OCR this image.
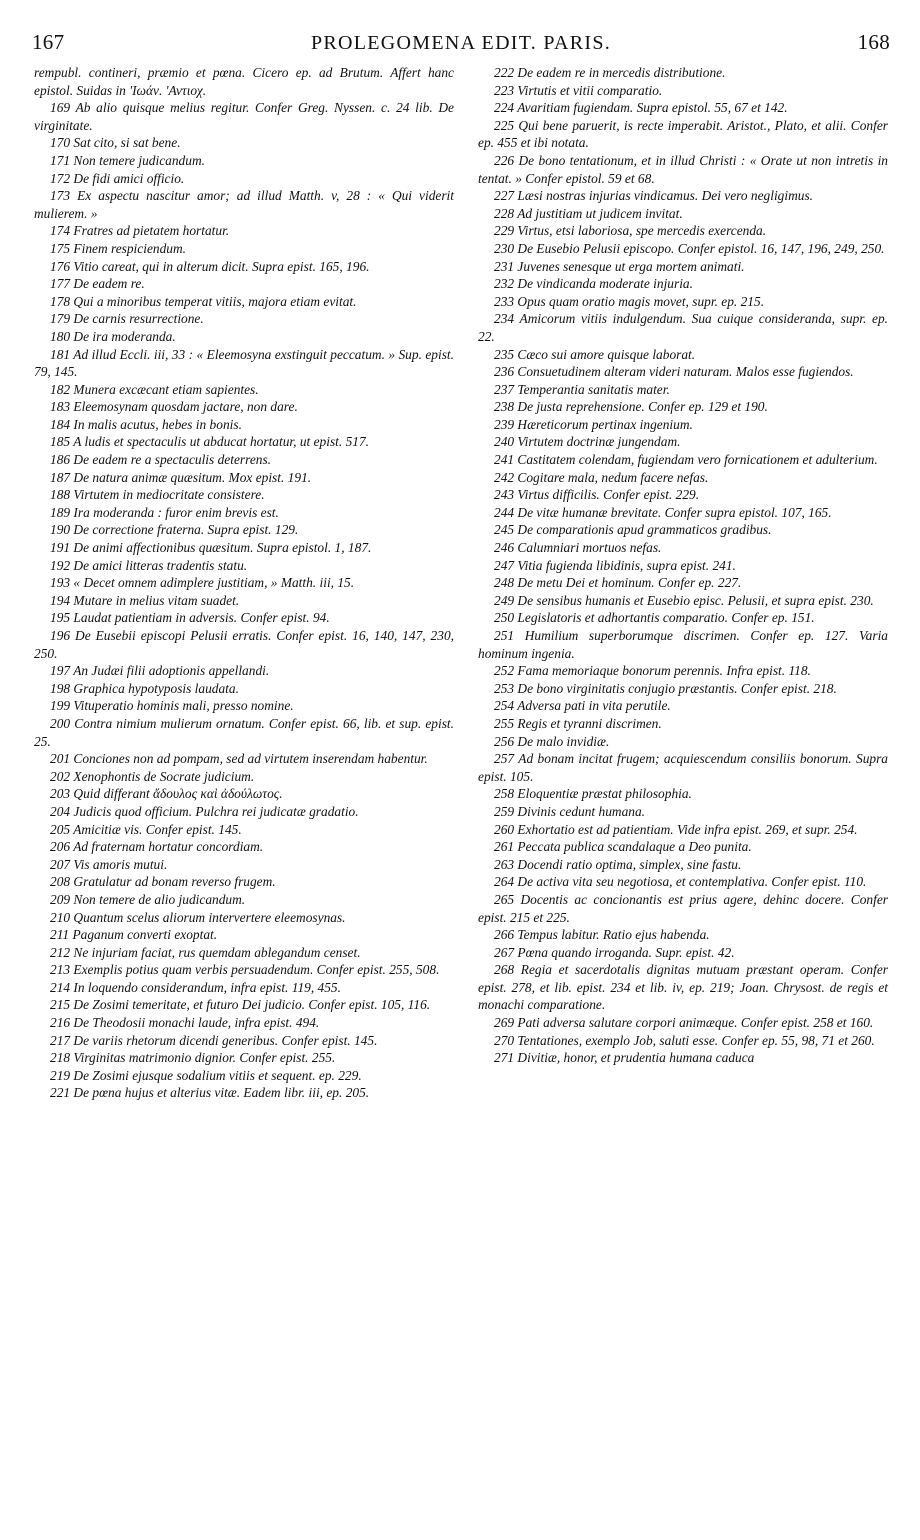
167	PROLEGOMENA EDIT. PARIS.	168

rempubl. contineri, præmio et pœna. Cicero ep. ad Brutum. Affert hanc epistol. Suidas in 'Ιωάν. 'Αντιοχ.

169 Ab alio quisque melius regitur. Confer Greg. Nyssen. c. 24 lib. De virginitate.

170 Sat cito, si sat bene.

171 Non temere judicandum.

172 De fidi amici officio.

173 Ex aspectu nascitur amor; ad illud Matth. v, 28 : « Qui viderit mulierem. »

174 Fratres ad pietatem hortatur.

175 Finem respiciendum.

176 Vitio careat, qui in alterum dicit. Supra epist. 165, 196.

177 De eadem re.

178 Qui a minoribus temperat vitiis, majora etiam evitat.

179 De carnis resurrectione.

180 De ira moderanda.

181 Ad illud Eccli. iii, 33 : « Eleemosyna exstinguit peccatum. » Sup. epist. 79, 145.

182 Munera excæcant etiam sapientes.

183 Eleemosynam quosdam jactare, non dare.

184 In malis acutus, hebes in bonis.

185 A ludis et spectaculis ut abducat hortatur, ut epist. 517.

186 De eadem re a spectaculis deterrens.

187 De natura animæ quæsitum. Mox epist. 191.

188 Virtutem in mediocritate consistere.

189 Ira moderanda : furor enim brevis est.

190 De correctione fraterna. Supra epist. 129.

191 De animi affectionibus quæsitum. Supra epistol. 1, 187.

192 De amici litteras tradentis statu.

193 « Decet omnem adimplere justitiam, » Matth. iii, 15.

194 Mutare in melius vitam suadet.

195 Laudat patientiam in adversis. Confer epist. 94.

196 De Eusebii episcopi Pelusii erratis. Confer epist. 16, 140, 147, 230, 250.

197 An Judæi filii adoptionis appellandi.

198 Graphica hypotyposis laudata.

199 Vituperatio hominis mali, presso nomine.

200 Contra nimium mulierum ornatum. Confer epist. 66, lib. et sup. epist. 25.

201 Conciones non ad pompam, sed ad virtutem inserendam habentur.

202 Xenophontis de Socrate judicium.

203 Quid differant ἄδουλος καὶ ἀδούλωτος.

204 Judicis quod officium. Pulchra rei judicatæ gradatio.

205 Amicitiæ vis. Confer epist. 145.

206 Ad fraternam hortatur concordiam.

207 Vis amoris mutui.

208 Gratulatur ad bonam reverso frugem.

209 Non temere de alio judicandum.

210 Quantum scelus aliorum intervertere eleemosynas.

211 Paganum converti exoptat.

212 Ne injuriam faciat, rus quemdam ablegandum censet.

213 Exemplis potius quam verbis persuadendum. Confer epist. 255, 508.

214 In loquendo considerandum, infra epist. 119, 455.

215 De Zosimi temeritate, et futuro Dei judicio. Confer epist. 105, 116.

216 De Theodosii monachi laude, infra epist. 494.

217 De variis rhetorum dicendi generibus. Confer epist. 145.

218 Virginitas matrimonio dignior. Confer epist. 255.

219 De Zosimi ejusque sodalium vitiis et sequent. ep. 229.

221 De pœna hujus et alterius vitæ. Eadem libr. iii, ep. 205.

222 De eadem re in mercedis distributione.

223 Virtutis et vitii comparatio.

224 Avaritiam fugiendam. Supra epistol. 55, 67 et 142.

225 Qui bene paruerit, is recte imperabit. Aristot., Plato, et alii. Confer ep. 455 et ibi notata.

226 De bono tentationum, et in illud Christi : « Orate ut non intretis in tentat. » Confer epistol. 59 et 68.

227 Læsi nostras injurias vindicamus. Dei vero negligimus.

228 Ad justitiam ut judicem invitat.

229 Virtus, etsi laboriosa, spe mercedis exercenda.

230 De Eusebio Pelusii episcopo. Confer epistol. 16, 147, 196, 249, 250.

231 Juvenes senesque ut erga mortem animati.

232 De vindicanda moderate injuria.

233 Opus quam oratio magis movet, supr. ep. 215.

234 Amicorum vitiis indulgendum. Sua cuique consideranda, supr. ep. 22.

235 Cæco sui amore quisque laborat.

236 Consuetudinem alteram videri naturam. Malos esse fugiendos.

237 Temperantia sanitatis mater.

238 De justa reprehensione. Confer ep. 129 et 190.

239 Hæreticorum pertinax ingenium.

240 Virtutem doctrinæ jungendam.

241 Castitatem colendam, fugiendam vero fornicationem et adulterium.

242 Cogitare mala, nedum facere nefas.

243 Virtus difficilis. Confer epist. 229.

244 De vitæ humanæ brevitate. Confer supra epistol. 107, 165.

245 De comparationis apud grammaticos gradibus.

246 Calumniari mortuos nefas.

247 Vitia fugienda libidinis, supra epist. 241.

248 De metu Dei et hominum. Confer ep. 227.

249 De sensibus humanis et Eusebio episc. Pelusii, et supra epist. 230.

250 Legislatoris et adhortantis comparatio. Confer ep. 151.

251 Humilium superborumque discrimen. Confer ep. 127. Varia hominum ingenia.

252 Fama memoriaque bonorum perennis. Infra epist. 118.

253 De bono virginitatis conjugio præstantis. Confer epist. 218.

254 Adversa pati in vita perutile.

255 Regis et tyranni discrimen.

256 De malo invidiæ.

257 Ad bonam incitat frugem; acquiescendum consiliis bonorum. Supra epist. 105.

258 Eloquentiæ præstat philosophia.

259 Divinis cedunt humana.

260 Exhortatio est ad patientiam. Vide infra epist. 269, et supr. 254.

261 Peccata publica scandalaque a Deo punita.

263 Docendi ratio optima, simplex, sine fastu.

264 De activa vita seu negotiosa, et contemplativa. Confer epist. 110.

265 Docentis ac concionantis est prius agere, dehinc docere. Confer epist. 215 et 225.

266 Tempus labitur. Ratio ejus habenda.

267 Pœna quando irroganda. Supr. epist. 42.

268 Regia et sacerdotalis dignitas mutuam præstant operam. Confer epist. 278, et lib. epist. 234 et lib. iv, ep. 219; Joan. Chrysost. de regis et monachi comparatione.

269 Pati adversa salutare corpori animæque. Confer epist. 258 et 160.

270 Tentationes, exemplo Job, saluti esse. Confer ep. 55, 98, 71 et 260.

271 Divitiæ, honor, et prudentia humana caduca
